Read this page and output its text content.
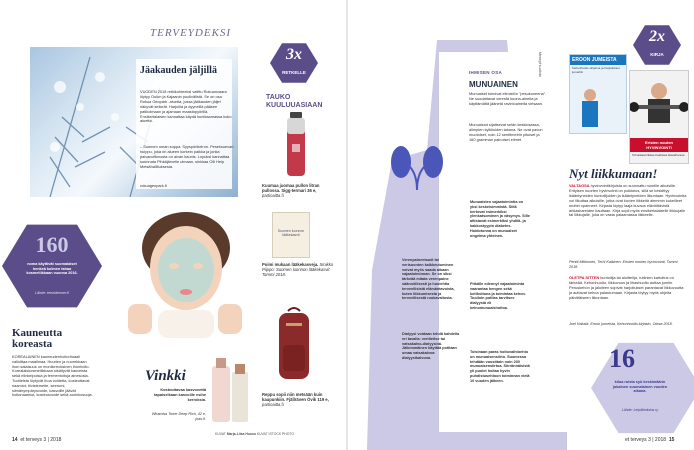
TERVEYDEKSI
Jäakauden jäljillä
VUODEN 2018 retkikohteeksi valittu Rokuanvaara löytyy Oulun ja Kajaanin puolivälistä. Se on osa Rokua Geopark -aluetta, jossa jääkauden jäljet näkyvät selkeät. Harjuilla ja dyyneillä pääsee patikoimaan ja ajamaan maastopyörillä. Ensikertalaisen kannattaa käydä kurkkaamassa koko aluetta.
– Suomen oman suppa. Syyspörikeiron. Peseksuevan huippu, joka on alueen korkein paikka ja jonka palvanottonosta on aivan kaunis. Lopuksi kannattaa suunnata Pihkäjärvelle uimaan, sinkkaa Olli Help Metsähallituksesta.
rokuageopark.fi
3x
RETKELLE
TAUKO KUULUUASIAAN
Kuumaa juomaa pullon litran pullossa. Sigg-termari 36 e, partioaitta.fi
Suomen luonnon lääkekasvit
Poimi mukaan lääkekasveja. Sinikka Piippo: Suomen luonnon lääkekasvit Tammi 2018.
Reppu sopii niin metsään kuin kaupunkiin. Fjällräven Övik 119 e, partioaitta.fi
160
noma käyttivät suomalaiset henkeä kolmen tahaa kosmetiikkaan vuonna 2016.
Lähde: teholdenner.fi
Kauneutta koreasta
KOREALAINEN kauneudenhoitorituaali valloittaa maailmaa. Huurien ja nuorekkaan ihon salaisuus on monikerroksinen ihonhoito. Korealaiskosmetiikkaan sisältyvät kasveista sekä elinkelpoisia ja fermentoituja ainesosia. Tuotteista löytyvät ihoa voidetta, kosteuttavat naamiot, tiivistemeite, seerumi, silmänympärysvoide, kasvoille jäävät hoitonaamiot, kosteusvoide sekä aurinkosuoja.
Vinkki
Kosteuttavaa kasvovettä tapaiselkaan kasvoille esihe kerroksia.
Whamisa Toner Deep Rich, 42 e, joas.fi.
14 et terveys 3 | 2018
KUVAT Marja-Liisa Huuso KUVAT ISTOCK PHOTO
Mennyt suolisto
IHMISEN OSA
MUNUAINEN
Munuaiset toimivat elimistön "pesukoneena". Ne suodattavat verestä kuona-aineita ja käyttämättä jäänetä ravintoaineita virtsaan.
Munuaisiot sijaitsevat selän keskiosassa, alimpien kylkiluiden takana. Ne ovat pavun muotoiset, noin 12 senttimetrin pituiset ja 160 gramman painoiset elimet.
Munuaisten vajaatoimintia on yksi keskeisimmistä. Siitä kertovat esimerkiksi ylenkatsominen ja väsymys. Sille altistavat esimerkiksi yhdiiä- ja kakkostyypin diabetes. Hoidotonna on munuaiset ongelma yhteinen.
Verenpaineetaudi tai verisuonten kalkkeutuminen voivat myös saada aikaan vajaatoiminnan. Se on siksi tärkeää mitata verenpaine säännöllisesti ja huolehtia terveellisistä elämäntavoista, kuten liikkumisesta ja terveellisestä ruokavaliosta.
Pitkälle edennyt vajaatoiminta vaarantaa hengen sekä kotihoitona ja toimintaa kehon. Tuolloin potilas tarvitsee dialyysiä eli keinomunuaishoitoa.
Dialyysi voidaan tehdä kahdella eri tavalla: veritieitse tai vatsakalvo-dialyysinä. Jälkimmäinen käyttää potilaan omaa vatsakalvoa dialyysikalvona.
Toisinaan paras hoitovaihtoehto on munuaisensiirto. Suomessa tehdään vuosittain noin 200 munuaisensiirtoa. Siirrännäisistä yli puolet hoitaa hyvin puhdistusehtoon toiminnan vielä 10 vuoden jälkeen.
2x
KIRJA
EROON JUMEISTA
Kehonhuolto-ohjelma ja harjoitukset jumeihin
Eristen nouten HYVINVOINTI
Tehokkaat liikkeet kaikissa ikävaiheissa
Nyt liikkumaan!
VALTAOSA hyvinvointikirjoista on suunnattu nuorille aikuisille. Erityisen nuorten hyvinvointi on poikkeus, sillä se keskittyy ikääntyneiden kuntoilijoiden ja ikääntyneiden liikuntaan. Hyvinvointia voi liikuttaa aikuisille, jotka ovat kovien liikkeitä aiemmin kokeilleet muttei opanneet. Kirjasta löytyy laaja kuvaus elävöittävistä arkiaskareiden kauttaan. Kirja sopii myös ensikertalaiselle liikkujalle tai liikkujalle, joka on vasta palaamassa liikkeelle.
Pentti Mikkonen, Terhi Kalkinen: Eristen nouten hyvinvointi, Tammi 2018.
OLETPA SITTEN kuntoilija tai aloittelija, rutiinien kartoitus on tärkeää. Kehonhuolto, liikkuvuus ja lihashuolto auttaa jumiin. Peruskehon ja jaloileen sopivat harjoitukset parantavat liikkuvuutta ja auttavat kehoa palautumaan. Kirjasta löytyy myös ohjeita päivittäiseen liikuntaan.
Joel Hakala: Eroon jumeista, Kehonhuolto-kirjasto, Otava 2018.
16
kiloa ruista syö keskimäärin jokainen suomalainen vuoden aikana.
Lähde: Leipätiedotus ry
et terveys 3 | 2018 15
